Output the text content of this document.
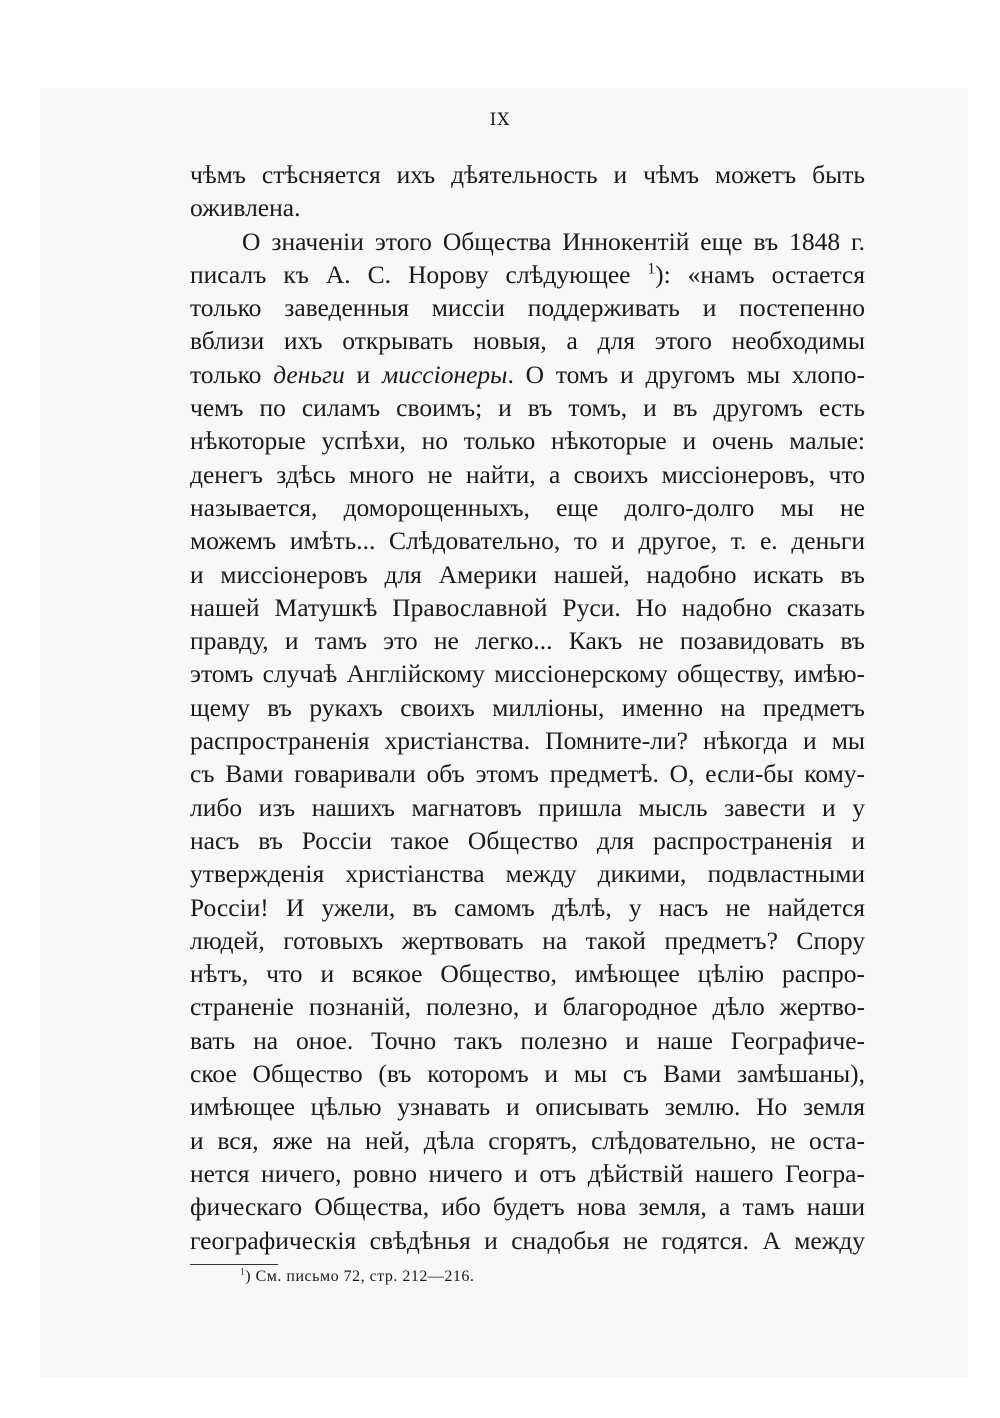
IX
чѣмъ стѣсняется ихъ дѣятельность и чѣмъ можетъ быть
оживлена.
О значенiи этого Общества Иннокентiй еще въ 1848 г.
писалъ къ А. С. Норову слѣдующее $^1$): «намъ остается
только заведенныя миссiи поддерживать и постепенно
вблизи ихъ открывать новыя, а для этого необходимы
только деньги и миссiонеры. О томъ и другомъ мы хлопо-
чемъ по силамъ своимъ; и въ томъ, и въ другомъ есть
нѣкоторые успѣхи, но только нѣкоторые и очень малые:
денегъ здѣсь много не найти, а своихъ миссiонеровъ, что
называется, доморощенныхъ, еще долго-долго мы не
можемъ имѣть... Слѣдовательно, то и другое, т. е. деньги
и миссiонеровъ для Америки нашей, надобно искать въ
нашей Матушкѣ Православной Руси. Но надобно сказать
правду, и тамъ это не легко... Какъ не позавидовать въ
этомъ случаѣ Англiйскому миссiонерскому обществу, имѣю-
щему въ рукахъ своихъ миллiоны, именно на предметъ
распространенiя христiанства. Помните-ли? нѣкогда и мы
съ Вами говаривали объ этомъ предметѣ. О, если-бы кому-
либо изъ нашихъ магнатовъ пришла мысль завести и у
насъ въ Россiи такое Общество для распространенiя и
утвержденiя христiанства между дикими, подвластными
Россiи! И ужели, въ самомъ дѣлѣ, у насъ не найдется
людей, готовыхъ жертвовать на такой предметъ? Спору
нѣтъ, что и всякое Общество, имѣющее цѣлiю распро-
страненiе познанiй, полезно, и благородное дѣло жертво-
вать на оное. Точно такъ полезно и наше Географиче-
ское Общество (въ которомъ и мы съ Вами замѣшаны),
имѣющее цѣлью узнавать и описывать землю. Но земля
и вся, яже на ней, дѣла сгорятъ, слѣдовательно, не оста-
нется ничего, ровно ничего и отъ дѣйствiй нашего Геогра-
фическаго Общества, ибо будетъ нова земля, а тамъ наши
географическiя свѣдѣнья и снадобья не годятся. А между
$^1$) См. письмо 72, стр. 212—216.
